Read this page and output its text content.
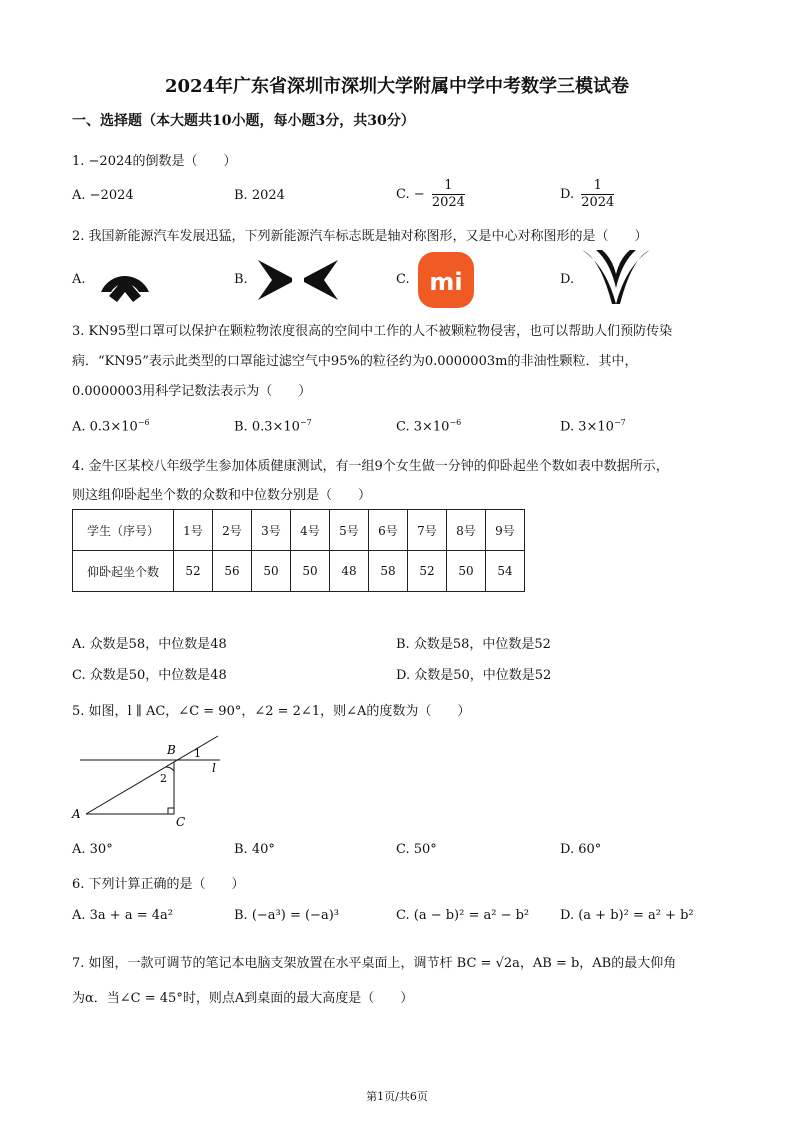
2024年广东省深圳市深圳大学附属中学中考数学三模试卷
一、选择题（本大题共10小题，每小题3分，共30分）
1. −2024的倒数是（　　）
A. −2024	B. 2024	C. − $\frac{1}{2024}$	D. $\frac{1}{2024}$
2. 我国新能源汽车发展迅猛，下列新能源汽车标志既是轴对称图形，又是中心对称图形的是（　　）
A.	B.	C. mi	D.
3. KN95型口罩可以保护在颗粒物浓度很高的空间中工作的人不被颗粒物侵害，也可以帮助人们预防传染
病．“KN95”表示此类型的口罩能过滤空气中95%的粒径约为0.0000003m的非油性颗粒．其中，
0.0000003用科学记数法表示为（　　）
A. $0.3\times 10^{-6}$	B. $0.3\times 10^{-7}$	C. $3\times 10^{-6}$	D. $3\times 10^{-7}$
4. 金牛区某校八年级学生参加体质健康测试，有一组9个女生做一分钟的仰卧起坐个数如表中数据所示，
则这组仰卧起坐个数的众数和中位数分别是（　　）
学生（序号）	1号	2号	3号	4号	5号	6号	7号	8号	9号
仰卧起坐个数	52	56	50	50	48	58	52	50	54
A. 众数是58，中位数是48	B. 众数是58，中位数是52
C. 众数是50，中位数是48	D. 众数是50，中位数是52
5. 如图，l ∥ AC，∠C = 90°，∠2 = 2∠1，则∠A的度数为（　　）
B
A
C
l
1
2
A. 30°	B. 40°	C. 50°	D. 60°
6. 下列计算正确的是（　　）
A. 3a + a = 4a²	B. (−a³) = (−a)³	C. (a − b)² = a² − b² D. (a + b)² = a² + b²
7. 如图，一款可调节的笔记本电脑支架放置在水平桌面上，调节杆 BC = √2a，AB = b，AB的最大仰角
为α．当∠C = 45°时，则点A到桌面的最大高度是（　　）
第1页/共6页
